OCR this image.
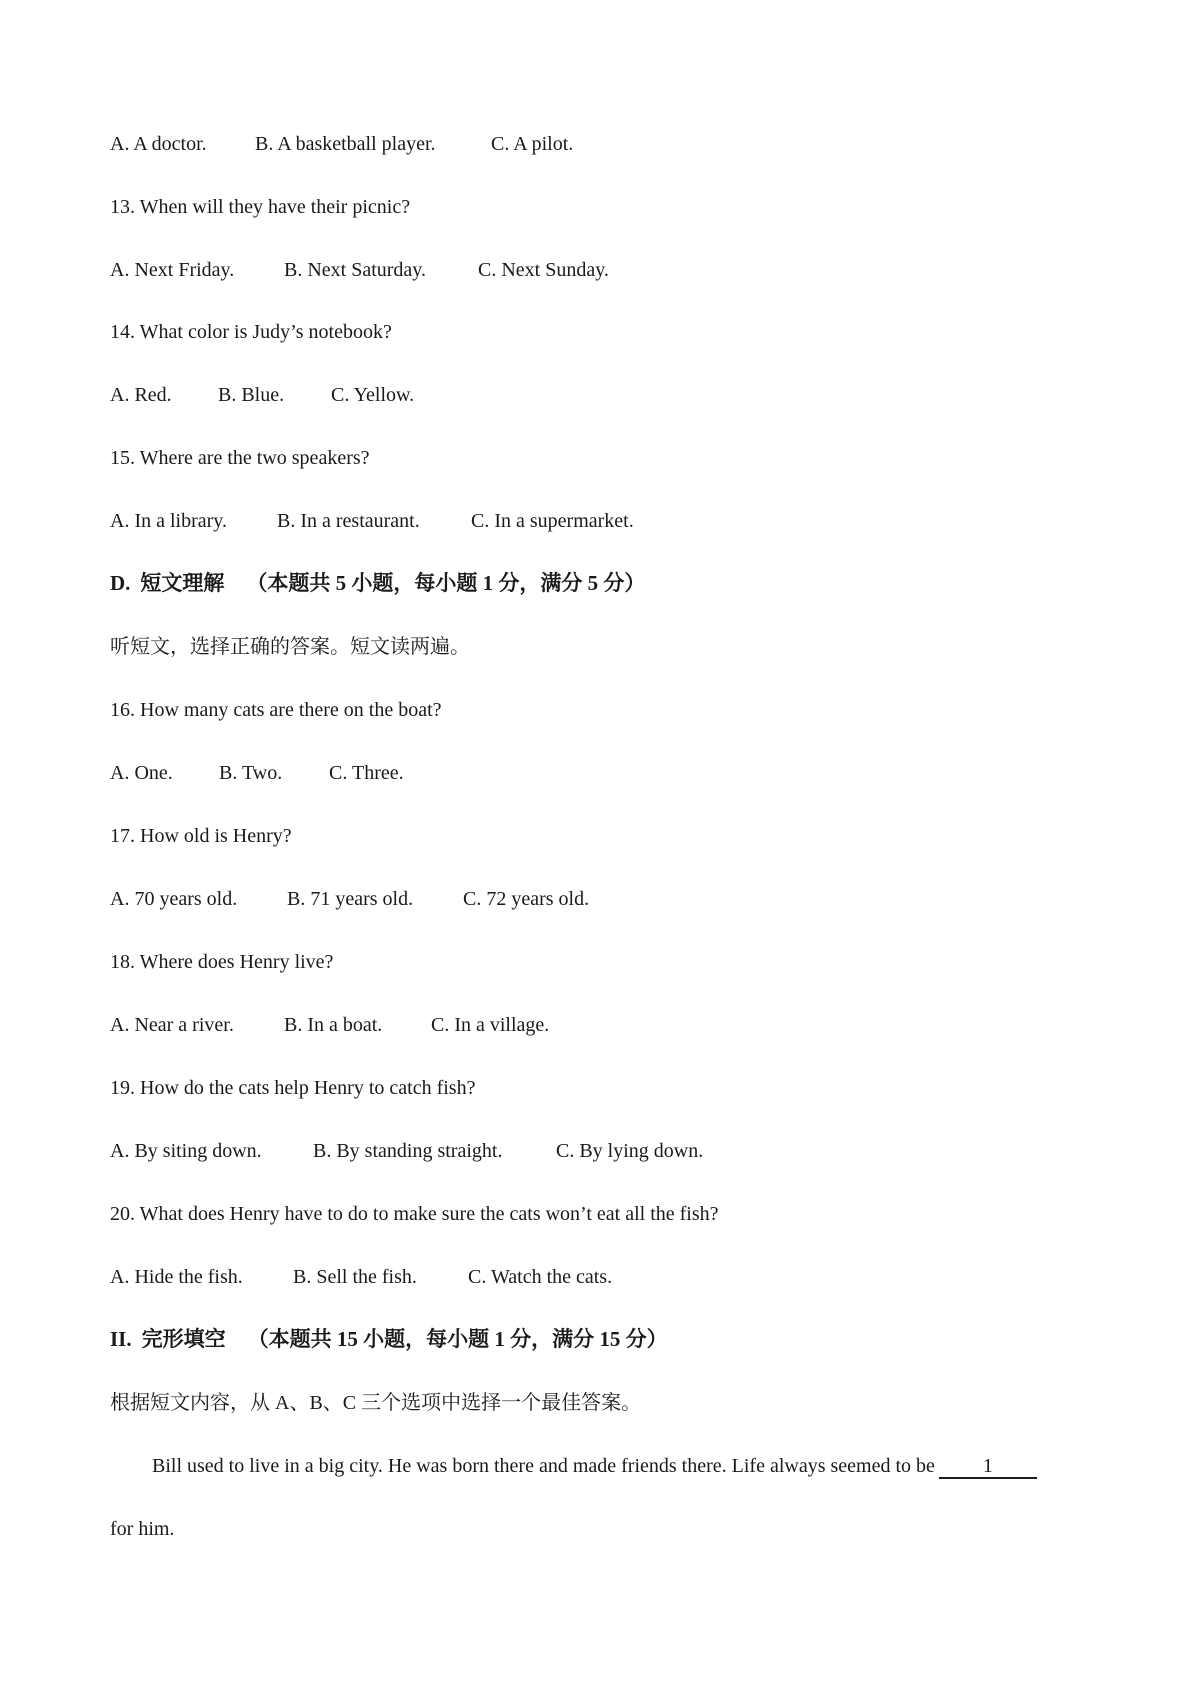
A. A doctor. B. A basketball player.	C. A pilot.
13. When will they have their picnic?
A. Next Friday. B. Next Saturday.	C. Next Sunday.
14. What color is Judy’s notebook?
A. Red. B. Blue. C. Yellow.
15. Where are the two speakers?
A. In a library.	B. In a restaurant.	C. In a supermarket.
D. 短文理解 （本题共 5 小题，每小题 1 分，满分 5 分）
听短文，选择正确的答案。短文读两遍。
16. How many cats are there on the boat?
A. One. B. Two. C. Three.
17. How old is Henry?
A. 70 years old. B. 71 years old. C. 72 years old.
18. Where does Henry live?
A. Near a river.	B. In a boat. C. In a village.
19. How do the cats help Henry to catch fish?
A. By siting down.	B. By standing straight.	C. By lying down.
20. What does Henry have to do to make sure the cats won’t eat all the fish?
A. Hide the fish.	B. Sell the fish.	C. Watch the cats.
II. 完形填空 （本题共 15 小题，每小题 1 分，满分 15 分）
根据短文内容，从 A、B、C 三个选项中选择一个最佳答案。
Bill used to live in a big city. He was born there and made friends there. Life always seemed to be 1
for him.
